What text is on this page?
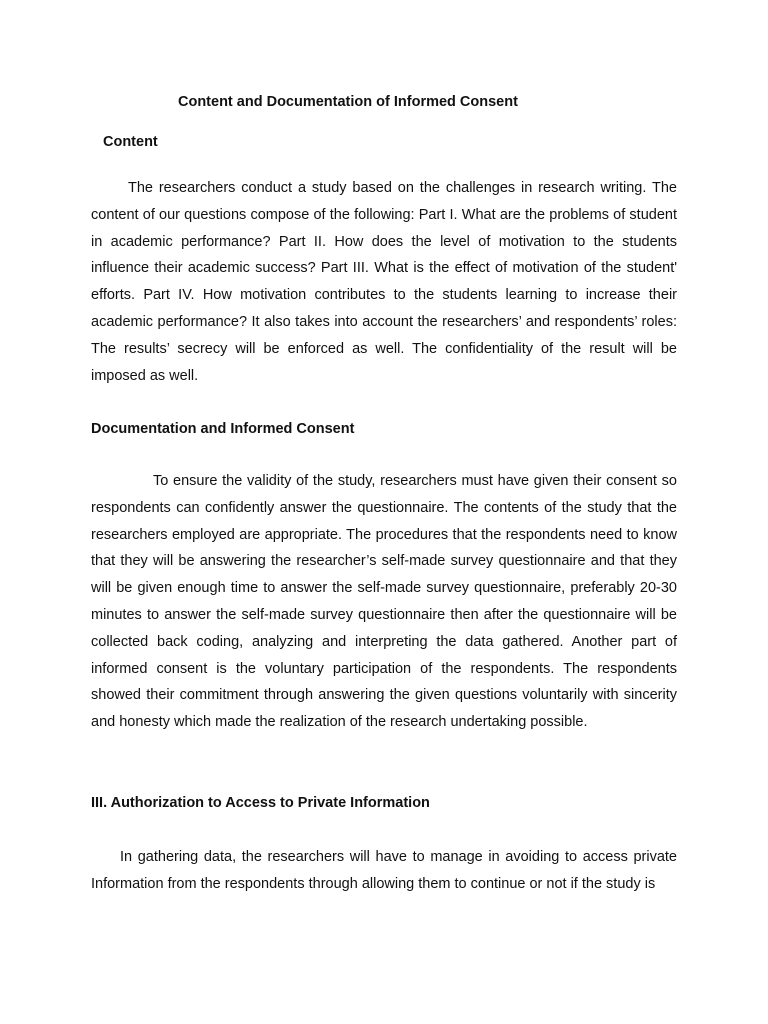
Content and Documentation of Informed Consent
Content

The researchers conduct a study based on the challenges in research writing. The content of our questions compose of the following: Part I. What are the problems of student in academic performance? Part II. How does the level of motivation to the students influence their academic success? Part III. What is the effect of motivation of the student' efforts. Part IV. How motivation contributes to the students learning to increase their academic performance? It also takes into account the researchers’ and respondents’ roles: The results’ secrecy will be enforced as well. The confidentiality of the result will be imposed as well.

Documentation and Informed Consent

To ensure the validity of the study, researchers must have given their consent so respondents can confidently answer the questionnaire. The contents of the study that the researchers employed are appropriate. The procedures that the respondents need to know that they will be answering the researcher’s self-made survey questionnaire and that they will be given enough time to answer the self-made survey questionnaire, preferably 20-30 minutes to answer the self-made survey questionnaire then after the questionnaire will be collected back coding, analyzing and interpreting the data gathered. Another part of informed consent is the voluntary participation of the respondents. The respondents showed their commitment through answering the given questions voluntarily with sincerity and honesty which made the realization of the research undertaking possible.

III. Authorization to Access to Private Information

In gathering data, the researchers will have to manage in avoiding to access private Information from the respondents through allowing them to continue or not if the study is
